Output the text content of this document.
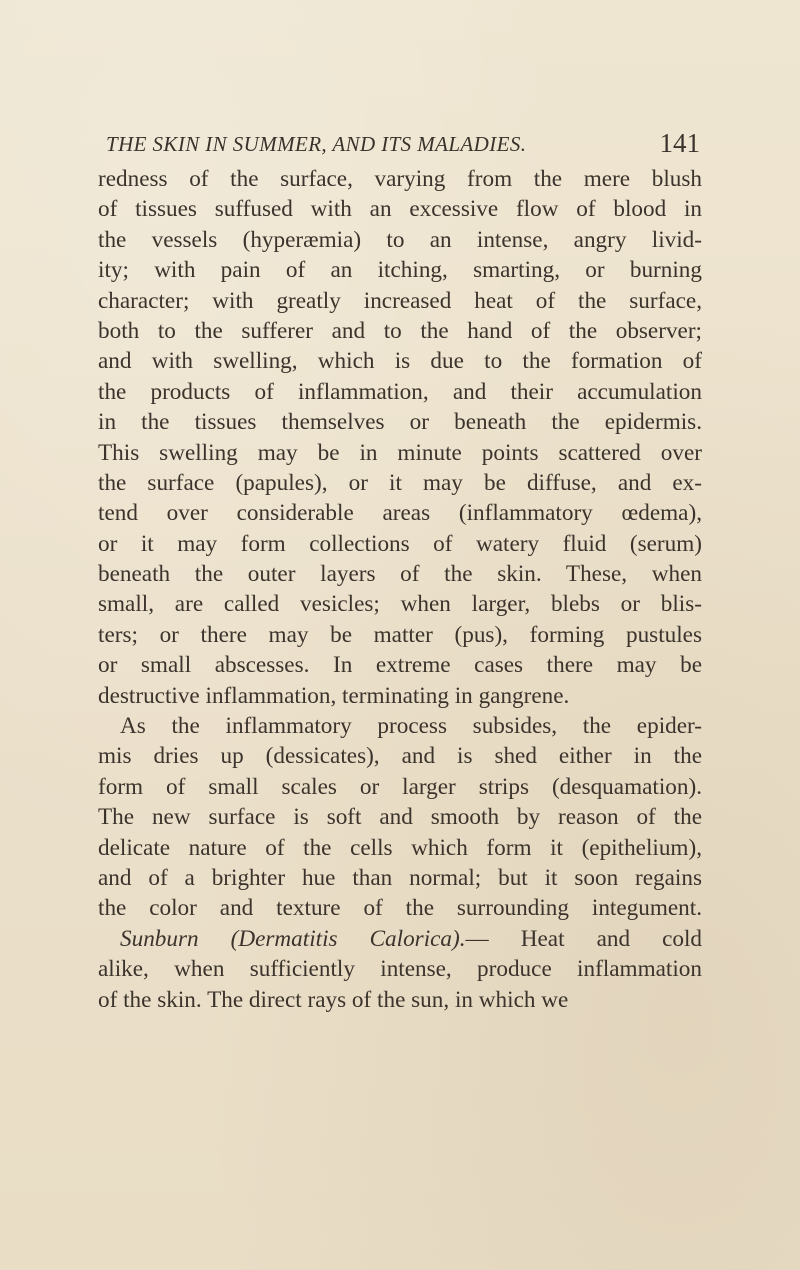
THE SKIN IN SUMMER, AND ITS MALADIES.	141
redness of the surface, varying from the mere blush
of tissues suffused with an excessive flow of blood in
the vessels (hyperæmia) to an intense, angry livid-
ity; with pain of an itching, smarting, or burning
character; with greatly increased heat of the surface,
both to the sufferer and to the hand of the observer;
and with swelling, which is due to the formation of
the products of inflammation, and their accumulation
in the tissues themselves or beneath the epidermis.
This swelling may be in minute points scattered over
the surface (papules), or it may be diffuse, and ex-
tend over considerable areas (inflammatory œdema),
or it may form collections of watery fluid (serum)
beneath the outer layers of the skin. These, when
small, are called vesicles; when larger, blebs or blis-
ters; or there may be matter (pus), forming pustules
or small abscesses. In extreme cases there may be
destructive inflammation, terminating in gangrene.
As the inflammatory process subsides, the epider-
mis dries up (dessicates), and is shed either in the
form of small scales or larger strips (desquamation).
The new surface is soft and smooth by reason of the
delicate nature of the cells which form it (epithelium),
and of a brighter hue than normal; but it soon regains
the color and texture of the surrounding integument.
Sunburn (Dermatitis Calorica).— Heat and cold
alike, when sufficiently intense, produce inflammation
of the skin. The direct rays of the sun, in which we
